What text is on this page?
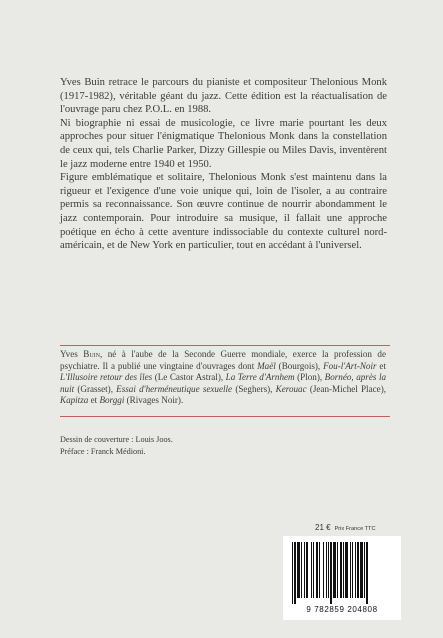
Yves Buin retrace le parcours du pianiste et compositeur Thelonious Monk (1917-1982), véritable géant du jazz. Cette édition est la réactualisation de l'ouvrage paru chez P.O.L. en 1988.

Ni biographie ni essai de musicologie, ce livre marie pourtant les deux approches pour situer l'énigmatique Thelonious Monk dans la constellation de ceux qui, tels Charlie Parker, Dizzy Gillespie ou Miles Davis, inventèrent le jazz moderne entre 1940 et 1950.

Figure emblématique et solitaire, Thelonious Monk s'est maintenu dans la rigueur et l'exigence d'une voie unique qui, loin de l'isoler, a au contraire permis sa reconnaissance. Son œuvre continue de nourrir abondamment le jazz contemporain. Pour introduire sa musique, il fallait une approche poétique en écho à cette aventure indissociable du contexte culturel nord-américain, et de New York en particulier, tout en accédant à l'universel.

Yves Buin, né à l'aube de la Seconde Guerre mondiale, exerce la profession de psychiatre. Il a publié une vingtaine d'ouvrages dont Maël (Bourgois), Fou-l'Art-Noir et L'Illusoire retour des îles (Le Castor Astral), La Terre d'Arnhem (Plon), Bornéo, après la nuit (Grasset), Essai d'herméneutique sexuelle (Seghers), Kerouac (Jean-Michel Place), Kapitza et Borggi (Rivages Noir).

Dessin de couverture : Louis Joos.
Préface : Franck Médioni.
21 € Prix France TTC
9 782859 204808
